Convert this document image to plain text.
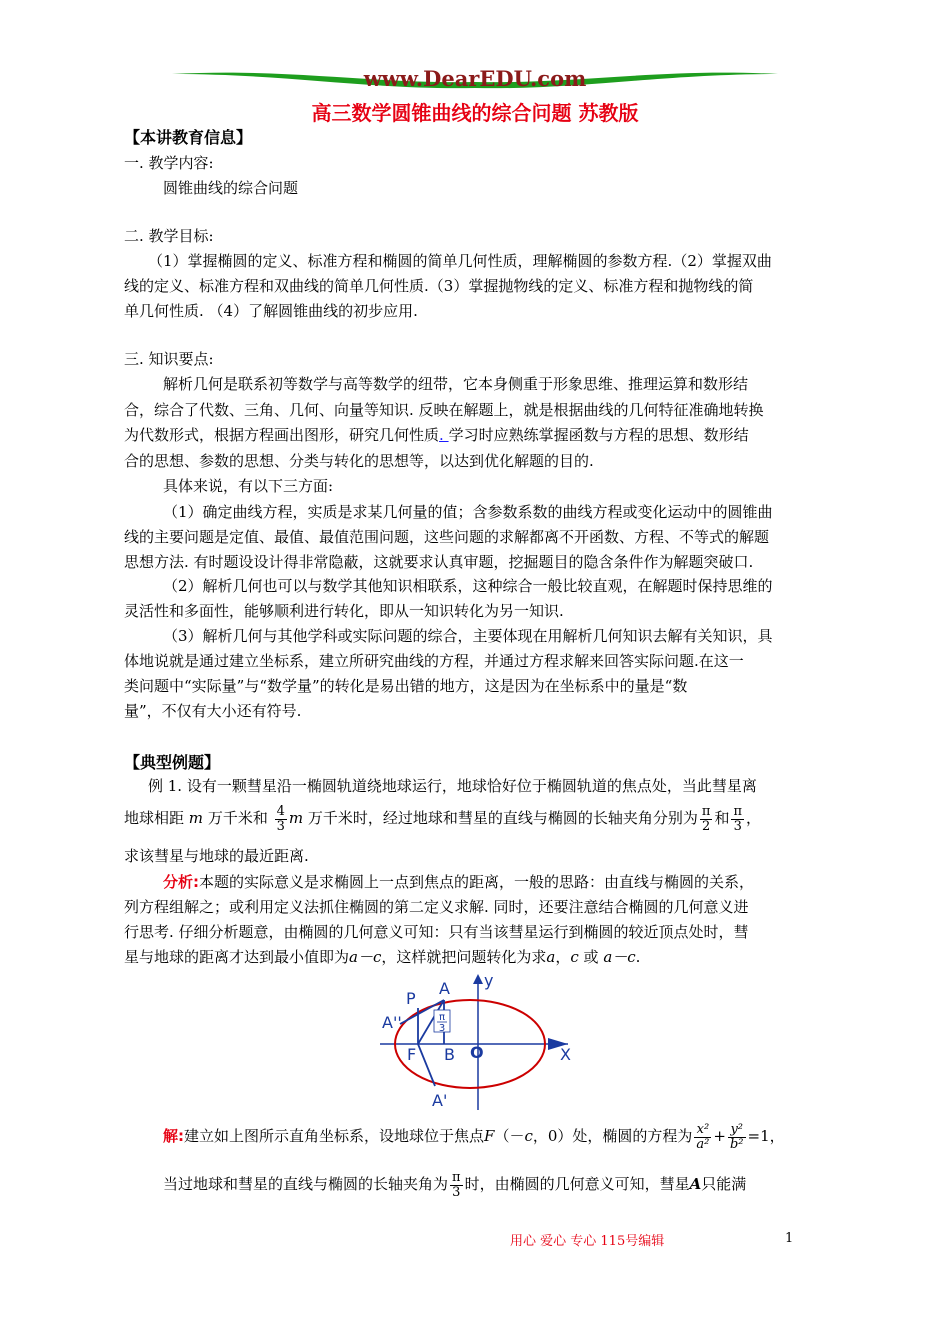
www.DearEDU.com
高三数学圆锥曲线的综合问题 苏教版
【本讲教育信息】
一. 教学内容:
圆锥曲线的综合问题
二. 教学目标:
（1）掌握椭圆的定义、标准方程和椭圆的简单几何性质，理解椭圆的参数方程.（2）掌握双曲
线的定义、标准方程和双曲线的简单几何性质.（3）掌握抛物线的定义、标准方程和抛物线的简
单几何性质. （4）了解圆锥曲线的初步应用.
三. 知识要点:
解析几何是联系初等数学与高等数学的纽带，它本身侧重于形象思维、推理运算和数形结
合，综合了代数、三角、几何、向量等知识. 反映在解题上，就是根据曲线的几何特征准确地转换
为代数形式，根据方程画出图形，研究几何性质. 学习时应熟练掌握函数与方程的思想、数形结
合的思想、参数的思想、分类与转化的思想等，以达到优化解题的目的.
具体来说，有以下三方面:
（1）确定曲线方程，实质是求某几何量的值；含参数系数的曲线方程或变化运动中的圆锥曲
线的主要问题是定值、最值、最值范围问题，这些问题的求解都离不开函数、方程、不等式的解题
思想方法. 有时题设设计得非常隐蔽，这就要求认真审题，挖掘题目的隐含条件作为解题突破口.
（2）解析几何也可以与数学其他知识相联系，这种综合一般比较直观，在解题时保持思维的
灵活性和多面性，能够顺利进行转化，即从一知识转化为另一知识.
（3）解析几何与其他学科或实际问题的综合，主要体现在用解析几何知识去解有关知识，具
体地说就是通过建立坐标系，建立所研究曲线的方程，并通过方程求解来回答实际问题.在这一
类问题中“实际量”与“数学量”的转化是易出错的地方，这是因为在坐标系中的量是“数
量”，不仅有大小还有符号.
【典型例题】
例 1. 设有一颗彗星沿一椭圆轨道绕地球运行，地球恰好位于椭圆轨道的焦点处，当此彗星离
地球相距 m 万千米和 $\frac{4}{3}$ m 万千米时，经过地球和彗星的直线与椭圆的长轴夹角分别为 $\frac{\pi}{2}$ 和 $\frac{\pi}{3}$ ，
求该彗星与地球的最近距离.
分析:本题的实际意义是求椭圆上一点到焦点的距离，一般的思路：由直线与椭圆的关系，
列方程组解之；或利用定义法抓住椭圆的第二定义求解. 同时，还要注意结合椭圆的几何意义进
行思考. 仔细分析题意，由椭圆的几何意义可知：只有当该彗星运行到椭圆的较近顶点处时，彗
星与地球的距离才达到最小值即为a－c，这样就把问题转化为求a，c 或 a－c.
π
3
P
A y
A''
F B O	X
A'
解:建立如上图所示直角坐标系，设地球位于焦点F（－c，0）处，椭圆的方程为 $\frac{\text{x²}}{\text{a²}} + \frac{\text{y²}}{\text{b²}} =1$，
当过地球和彗星的直线与椭圆的长轴夹角为 $\frac{\pi}{3}$ 时，由椭圆的几何意义可知，彗星A只能满
用心 爱心 专心 115号编辑	1
